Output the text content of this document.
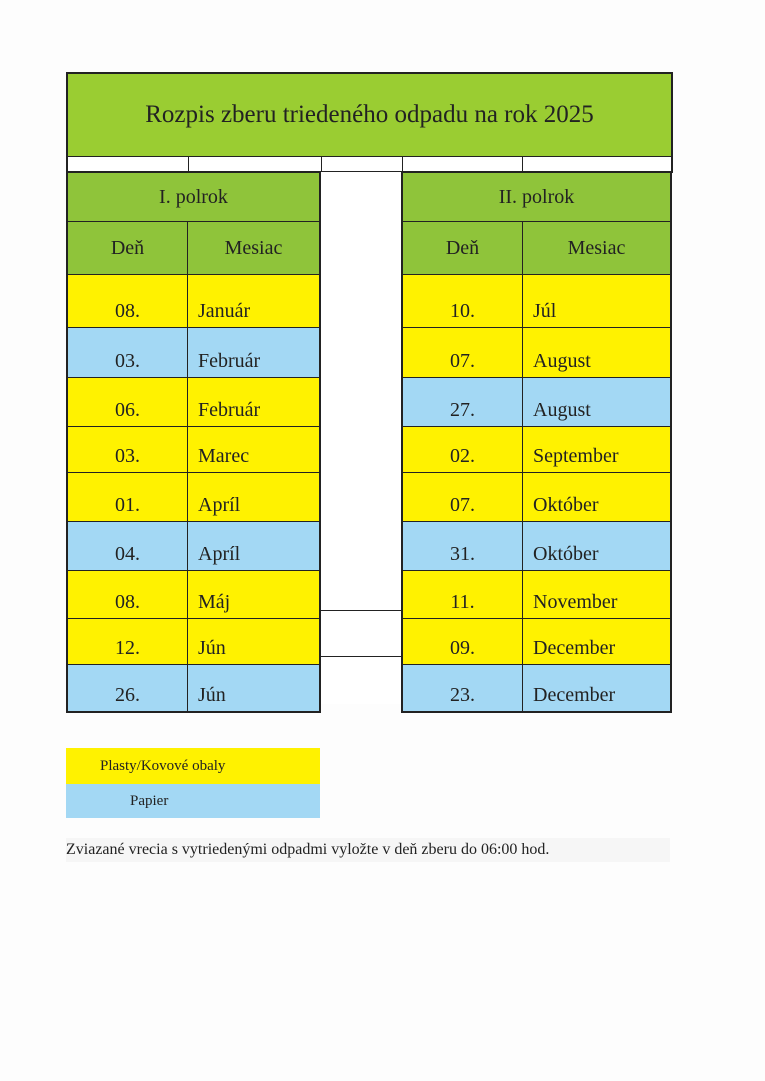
Rozpis zberu triedeného odpadu na rok 2025
I. polrok
Deň	Mesiac
08.	Január
03.	Február
06.	Február
03.	Marec
01.	Apríl
04.	Apríl
08.	Máj
12.	Jún
26.	Jún
II. polrok
Deň	Mesiac
10.	Júl
07.	August
27.	August
02.	September
07.	Október
31.	Október
11.	November
09.	December
23.	December
Plasty/Kovové obaly
Papier
Zviazané vrecia s vytriedenými odpadmi vyložte v deň zberu do 06:00 hod.
